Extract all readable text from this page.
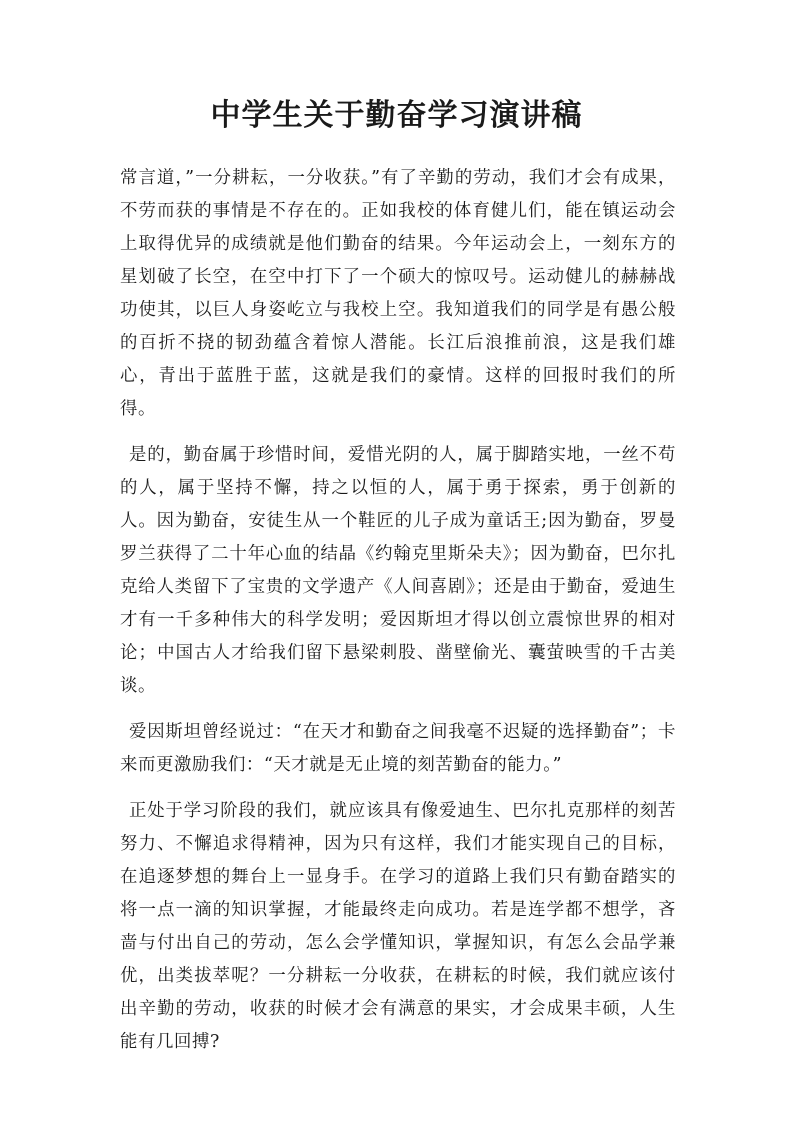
中学生关于勤奋学习演讲稿

常言道，”一分耕耘，一分收获。”有了辛勤的劳动，我们才会有成果，不劳而获的事情是不存在的。正如我校的体育健儿们，能在镇运动会上取得优异的成绩就是他们勤奋的结果。今年运动会上，一刻东方的星划破了长空，在空中打下了一个硕大的惊叹号。运动健儿的赫赫战功使其，以巨人身姿屹立与我校上空。我知道我们的同学是有愚公般的百折不挠的韧劲蕴含着惊人潜能。长江后浪推前浪，这是我们雄心，青出于蓝胜于蓝，这就是我们的豪情。这样的回报时我们的所得。

是的，勤奋属于珍惜时间，爱惜光阴的人，属于脚踏实地，一丝不苟的人，属于坚持不懈，持之以恒的人，属于勇于探索，勇于创新的人。因为勤奋，安徒生从一个鞋匠的儿子成为童话王;因为勤奋，罗曼罗兰获得了二十年心血的结晶《约翰克里斯朵夫》；因为勤奋，巴尔扎克给人类留下了宝贵的文学遗产《人间喜剧》；还是由于勤奋，爱迪生才有一千多种伟大的科学发明；爱因斯坦才得以创立震惊世界的相对论；中国古人才给我们留下悬梁刺股、凿壁偷光、囊萤映雪的千古美谈。

爱因斯坦曾经说过：“在天才和勤奋之间我毫不迟疑的选择勤奋”；卡来而更激励我们：“天才就是无止境的刻苦勤奋的能力。”

正处于学习阶段的我们，就应该具有像爱迪生、巴尔扎克那样的刻苦努力、不懈追求得精神，因为只有这样，我们才能实现自己的目标，在追逐梦想的舞台上一显身手。在学习的道路上我们只有勤奋踏实的将一点一滴的知识掌握，才能最终走向成功。若是连学都不想学，吝啬与付出自己的劳动，怎么会学懂知识，掌握知识，有怎么会品学兼优，出类拔萃呢？一分耕耘一分收获，在耕耘的时候，我们就应该付出辛勤的劳动，收获的时候才会有满意的果实，才会成果丰硕，人生能有几回搏?
